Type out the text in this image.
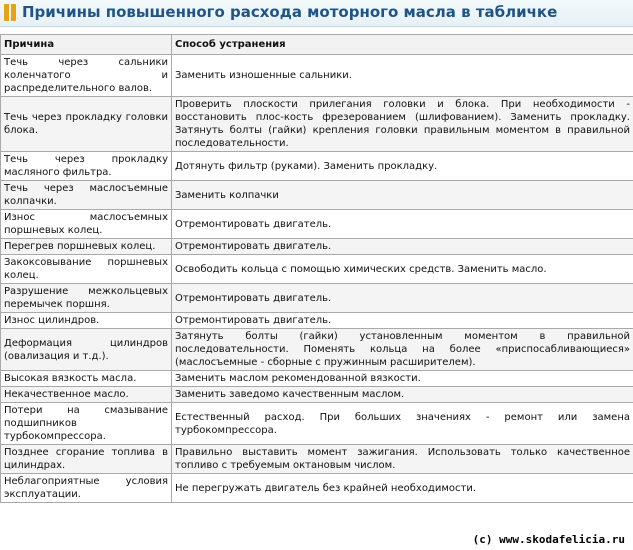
Причины повышенного расхода моторного масла в табличке
Причина	Способ устранения
Течь через сальники коленчатого и распределительного валов.	Заменить изношенные сальники.
Течь через прокладку головки блока.	Проверить плоскости прилегания головки и блока. При необходимости - восстановить плос-кость фрезерованием (шлифованием). Заменить прокладку. Затянуть болты (гайки) крепления головки правильным моментом в правильной последовательности.
Течь через прокладку масляного фильтра.	Дотянуть фильтр (руками). Заменить прокладку.
Течь через маслосъемные колпачки.	Заменить колпачки
Износ маслосъемных поршневых колец.	Отремонтировать двигатель.
Перегрев поршневых колец.	Отремонтировать двигатель.
Закоксовывание поршневых колец.	Освободить кольца с помощью химических средств. Заменить масло.
Разрушение межкольцевых перемычек поршня.	Отремонтировать двигатель.
Износ цилиндров.	Отремонтировать двигатель.
Деформация цилиндров (овализация и т.д.).	Затянуть болты (гайки) установленным моментом в правильной последовательности. Поменять кольца на более «приспосабливающиеся» (маслосъемные - сборные с пружинным расширителем).
Высокая вязкость масла.	Заменить маслом рекомендованной вязкости.
Некачественное масло.	Заменить заведомо качественным маслом.
Потери на смазывание подшипников турбокомпрессора.	Естественный расход. При больших значениях - ремонт или замена турбокомпрессора.
Позднее сгорание топлива в цилиндрах.	Правильно выставить момент зажигания. Использовать только качественное топливо с требуемым октановым числом.
Неблагоприятные условия эксплуатации.	Не перегружать двигатель без крайней необходимости.
(c) www.skodafelicia.ru
